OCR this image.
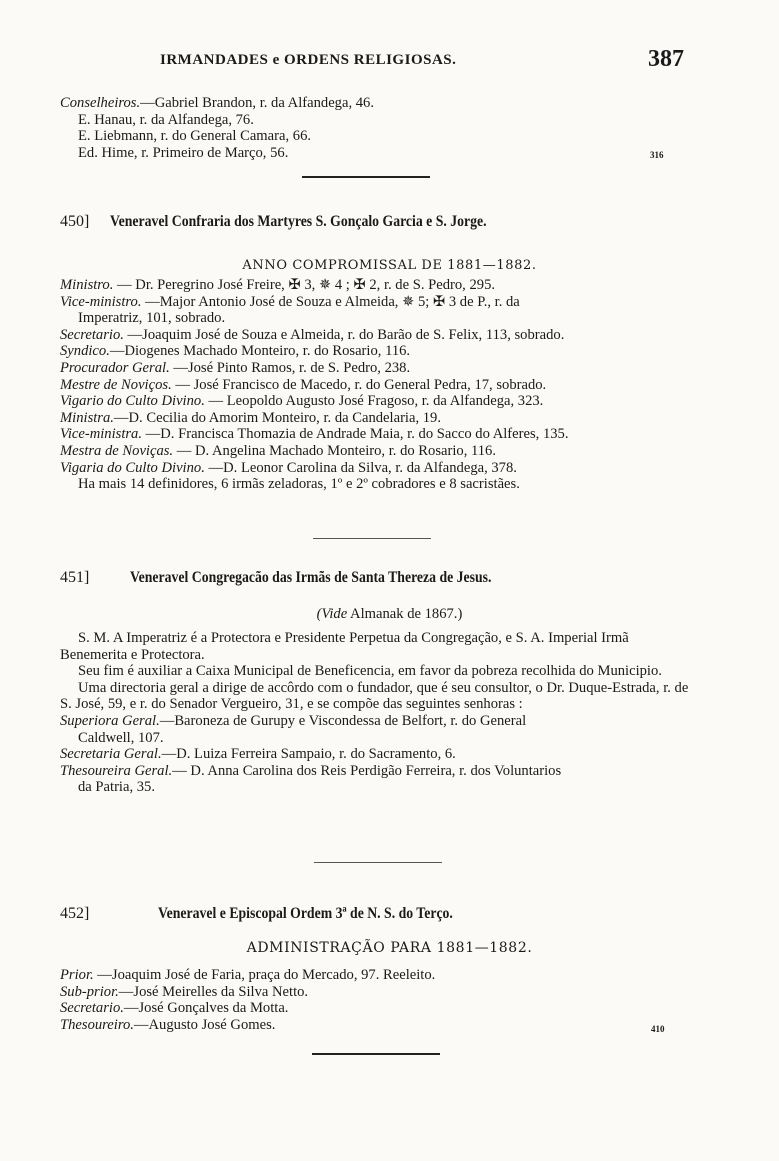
IRMANDADES e ORDENS RELIGIOSAS.	387
Conselheiros.—Gabriel Brandon, r. da Alfandega, 46.
E. Hanau, r. da Alfandega, 76.
E. Liebmann, r. do General Camara, 66.
Ed. Hime, r. Primeiro de Março, 56.	316
450] Veneravel Confraria dos Martyres S. Gonçalo Garcia e S. Jorge.
ANNO COMPROMISSAL DE 1881—1882.
Ministro. — Dr. Peregrino José Freire, ✠ 3, ✵ 4 ; ✠ 2, r. de S. Pedro, 295.
Vice-ministro. —Major Antonio José de Souza e Almeida, ✵ 5; ✠ 3 de P., r. da
Imperatriz, 101, sobrado.
Secretario. —Joaquim José de Souza e Almeida, r. do Barão de S. Felix, 113, sobrado.
Syndico.—Diogenes Machado Monteiro, r. do Rosario, 116.
Procurador Geral. —José Pinto Ramos, r. de S. Pedro, 238.
Mestre de Noviços. — José Francisco de Macedo, r. do General Pedra, 17, sobrado.
Vigario do Culto Divino. — Leopoldo Augusto José Fragoso, r. da Alfandega, 323.
Ministra.—D. Cecilia do Amorim Monteiro, r. da Candelaria, 19.
Vice-ministra. —D. Francisca Thomazia de Andrade Maia, r. do Sacco do Alferes, 135.
Mestra de Noviças. — D. Angelina Machado Monteiro, r. do Rosario, 116.
Vigaria do Culto Divino. —D. Leonor Carolina da Silva, r. da Alfandega, 378.
Ha mais 14 definidores, 6 irmãs zeladoras, 1º e 2º cobradores e 8 sacristães.
451]	Veneravel Congregacão das Irmãs de Santa Thereza de Jesus.
(Vide Almanak de 1867.)
S. M. A Imperatriz é a Protectora e Presidente Perpetua da Congregação, e S. A. Imperial Irmã Benemerita e Protectora.
Seu fim é auxiliar a Caixa Municipal de Beneficencia, em favor da pobreza recolhida do Municipio.
Uma directoria geral a dirige de accôrdo com o fundador, que é seu consultor, o Dr. Duque-Estrada, r. de S. José, 59, e r. do Senador Vergueiro, 31, e se compõe das seguintes senhoras :
Superiora Geral.—Baroneza de Gurupy e Viscondessa de Belfort, r. do General
Caldwell, 107.
Secretaria Geral.—D. Luiza Ferreira Sampaio, r. do Sacramento, 6.
Thesoureira Geral.— D. Anna Carolina dos Reis Perdigão Ferreira, r. dos Voluntarios
da Patria, 35.
452]	Veneravel e Episcopal Ordem 3ª de N. S. do Terço.
ADMINISTRAÇÃO PARA 1881—1882.
Prior. —Joaquim José de Faria, praça do Mercado, 97. Reeleito.
Sub-prior.—José Meirelles da Silva Netto.
Secretario.—José Gonçalves da Motta.
Thesoureiro.—Augusto José Gomes.	410
